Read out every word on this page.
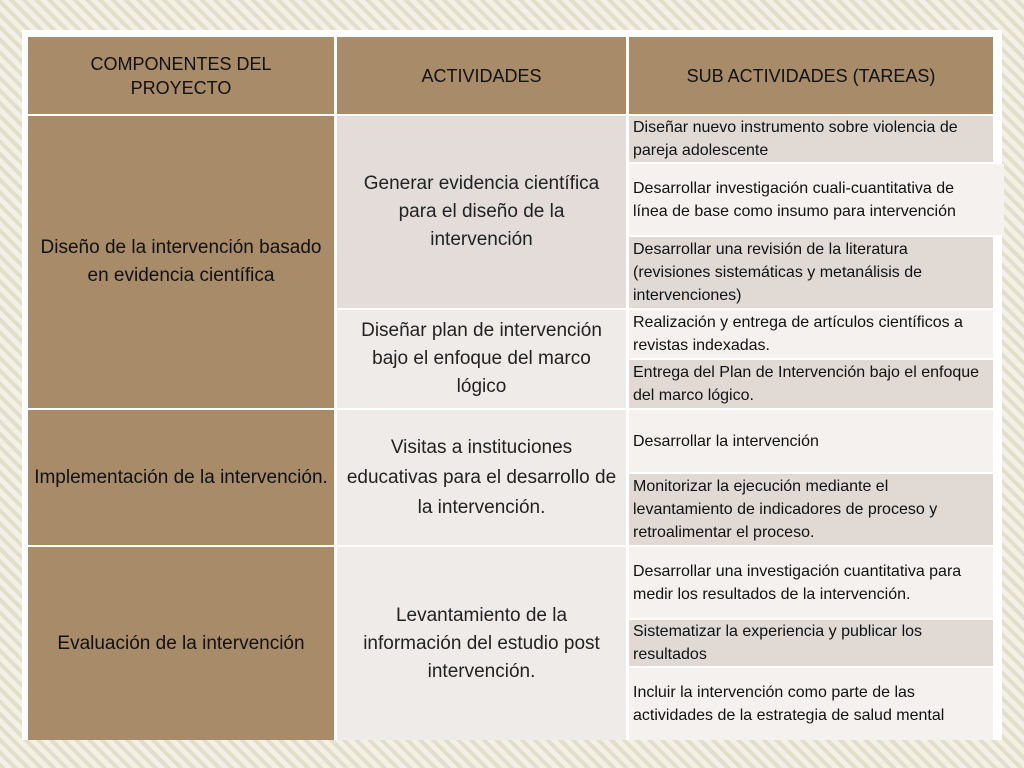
COMPONENTES DEL PROYECTO
ACTIVIDADES	SUB ACTIVIDADES (TAREAS)
Diseño de la intervención basado en evidencia científica
Implementación de la intervención.
Evaluación de la intervención
Generar evidencia científica para el diseño de la intervención
Diseñar plan de intervención bajo el enfoque del marco lógico
Visitas a instituciones educativas para el desarrollo de la intervención.
Levantamiento de la información del estudio post intervención.
Diseñar nuevo instrumento sobre violencia de pareja adolescente
Desarrollar investigación cuali-cuantitativa de línea de base como insumo para intervención
Desarrollar una revisión de la literatura (revisiones sistemáticas y metanálisis de intervenciones)
Realización y entrega de artículos científicos a revistas indexadas.
Entrega del Plan de Intervención bajo el enfoque del marco lógico.
Desarrollar la intervención
Monitorizar la ejecución mediante el levantamiento de indicadores de proceso y retroalimentar el proceso.
Desarrollar una investigación cuantitativa para medir los resultados de la intervención.
Sistematizar la experiencia y publicar los resultados
Incluir la intervención como parte de las actividades de la estrategia de salud mental
